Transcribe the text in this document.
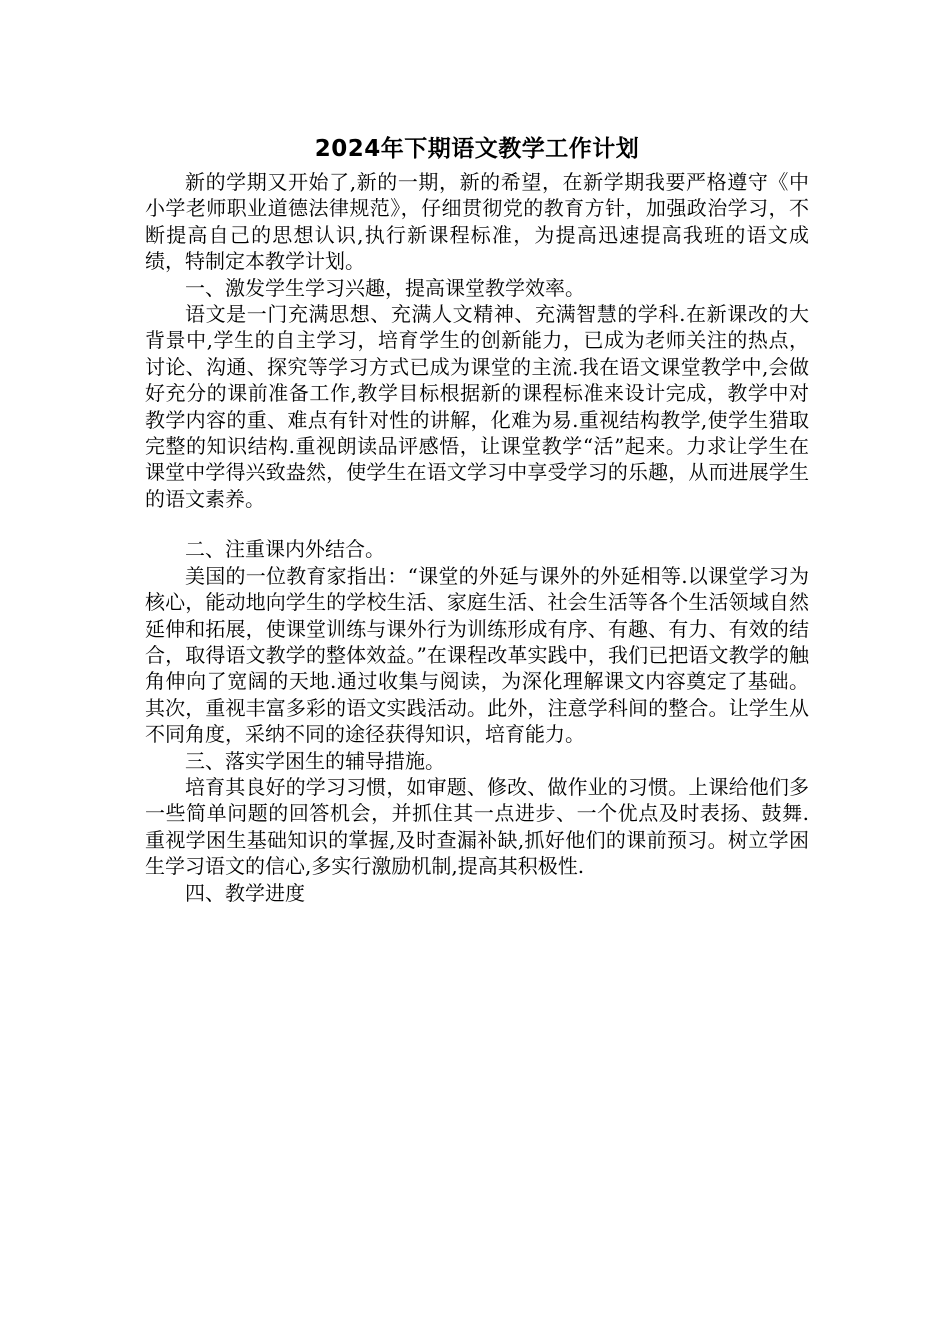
2024年下期语文教学工作计划

新的学期又开始了,新的一期，新的希望，在新学期我要严格遵守《中小学老师职业道德法律规范》，仔细贯彻党的教育方针，加强政治学习，不断提高自己的思想认识,执行新课程标准，为提高迅速提高我班的语文成绩，特制定本教学计划。

一、激发学生学习兴趣，提高课堂教学效率。

语文是一门充满思想、充满人文精神、充满智慧的学科.在新课改的大背景中,学生的自主学习，培育学生的创新能力，已成为老师关注的热点，讨论、沟通、探究等学习方式已成为课堂的主流.我在语文课堂教学中,会做好充分的课前准备工作,教学目标根据新的课程标准来设计完成，教学中对教学内容的重、难点有针对性的讲解，化难为易.重视结构教学,使学生猎取完整的知识结构.重视朗读品评感悟，让课堂教学“活”起来。力求让学生在课堂中学得兴致盎然，使学生在语文学习中享受学习的乐趣，从而进展学生的语文素养。

二、注重课内外结合。

美国的一位教育家指出：“课堂的外延与课外的外延相等.以课堂学习为核心，能动地向学生的学校生活、家庭生活、社会生活等各个生活领域自然延伸和拓展，使课堂训练与课外行为训练形成有序、有趣、有力、有效的结合，取得语文教学的整体效益。”在课程改革实践中，我们已把语文教学的触角伸向了宽阔的天地.通过收集与阅读，为深化理解课文内容奠定了基础。其次，重视丰富多彩的语文实践活动。此外，注意学科间的整合。让学生从不同角度，采纳不同的途径获得知识，培育能力。

三、落实学困生的辅导措施。

培育其良好的学习习惯，如审题、修改、做作业的习惯。上课给他们多一些简单问题的回答机会，并抓住其一点进步、一个优点及时表扬、鼓舞. 重视学困生基础知识的掌握,及时查漏补缺,抓好他们的课前预习。树立学困生学习语文的信心,多实行激励机制,提高其积极性.

四、教学进度
